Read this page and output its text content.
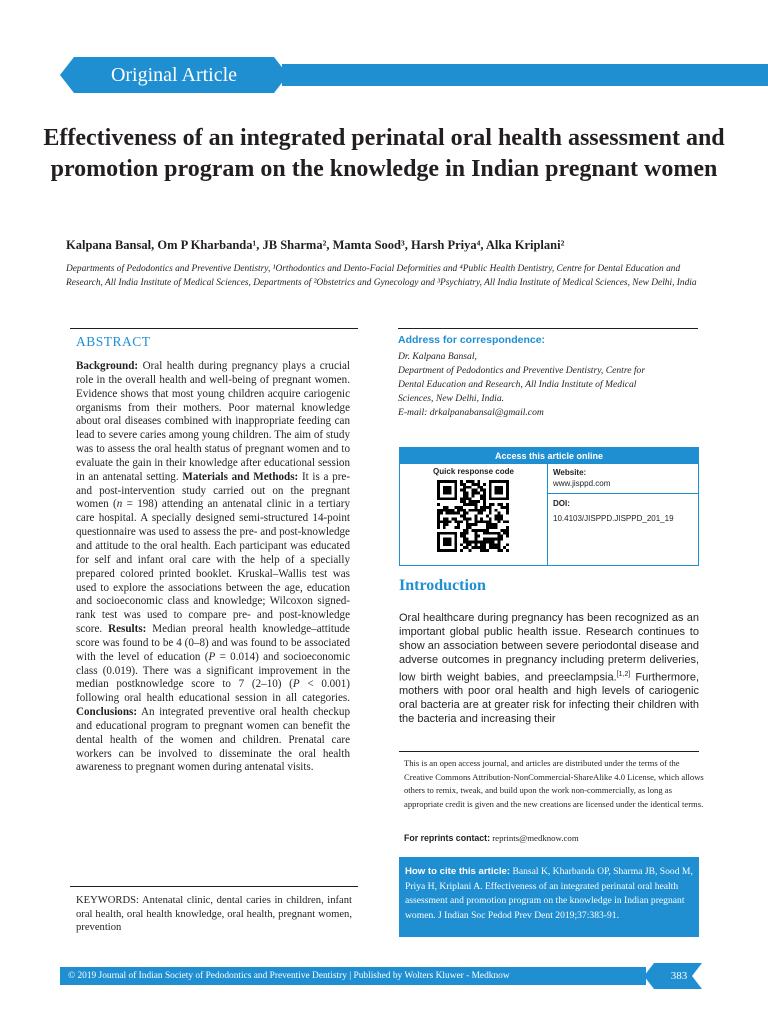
Original Article
Effectiveness of an integrated perinatal oral health assessment and promotion program on the knowledge in Indian pregnant women
Kalpana Bansal, Om P Kharbanda¹, JB Sharma², Mamta Sood³, Harsh Priya⁴, Alka Kriplani²
Departments of Pedodontics and Preventive Dentistry, ¹Orthodontics and Dento-Facial Deformities and ⁴Public Health Dentistry, Centre for Dental Education and Research, All India Institute of Medical Sciences, Departments of ²Obstetrics and Gynecology and ³Psychiatry, All India Institute of Medical Sciences, New Delhi, India
ABSTRACT
Background: Oral health during pregnancy plays a crucial role in the overall health and well-being of pregnant women. Evidence shows that most young children acquire cariogenic organisms from their mothers. Poor maternal knowledge about oral diseases combined with inappropriate feeding can lead to severe caries among young children. The aim of study was to assess the oral health status of pregnant women and to evaluate the gain in their knowledge after educational session in an antenatal setting. Materials and Methods: It is a pre- and post-intervention study carried out on the pregnant women (n = 198) attending an antenatal clinic in a tertiary care hospital. A specially designed semi-structured 14-point questionnaire was used to assess the pre- and post-knowledge and attitude to the oral health. Each participant was educated for self and infant oral care with the help of a specially prepared colored printed booklet. Kruskal–Wallis test was used to explore the associations between the age, education and socioeconomic class and knowledge; Wilcoxon signed-rank test was used to compare pre- and post-knowledge score. Results: Median preoral health knowledge–attitude score was found to be 4 (0–8) and was found to be associated with the level of education (P = 0.014) and socioeconomic class (0.019). There was a significant improvement in the median postknowledge score to 7 (2–10) (P < 0.001) following oral health educational session in all categories. Conclusions: An integrated preventive oral health checkup and educational program to pregnant women can benefit the dental health of the women and children. Prenatal care workers can be involved to disseminate the oral health awareness to pregnant women during antenatal visits.
KEYWORDS: Antenatal clinic, dental caries in children, infant oral health, oral health knowledge, oral health, pregnant women, prevention
Address for correspondence:
Dr. Kalpana Bansal,
Department of Pedodontics and Preventive Dentistry, Centre for
Dental Education and Research, All India Institute of Medical
Sciences, New Delhi, India.
E-mail: drkalpanabansal@gmail.com
Access this article online
Quick response code	Website:
www.jisppd.com
DOI:
10.4103/JISPPD.JISPPD_201_19
Introduction
Oral healthcare during pregnancy has been recognized as an important global public health issue. Research continues to show an association between severe periodontal disease and adverse outcomes in pregnancy including preterm deliveries, low birth weight babies, and preeclampsia.[1,2] Furthermore, mothers with poor oral health and high levels of cariogenic oral bacteria are at greater risk for infecting their children with the bacteria and increasing their
This is an open access journal, and articles are distributed under the terms of the Creative Commons Attribution-NonCommercial-ShareAlike 4.0 License, which allows others to remix, tweak, and build upon the work non-commercially, as long as appropriate credit is given and the new creations are licensed under the identical terms.
For reprints contact: reprints@medknow.com
How to cite this article: Bansal K, Kharbanda OP, Sharma JB, Sood M, Priya H, Kriplani A. Effectiveness of an integrated perinatal oral health assessment and promotion program on the knowledge in Indian pregnant women. J Indian Soc Pedod Prev Dent 2019;37:383-91.
© 2019 Journal of Indian Society of Pedodontics and Preventive Dentistry | Published by Wolters Kluwer - Medknow	383
